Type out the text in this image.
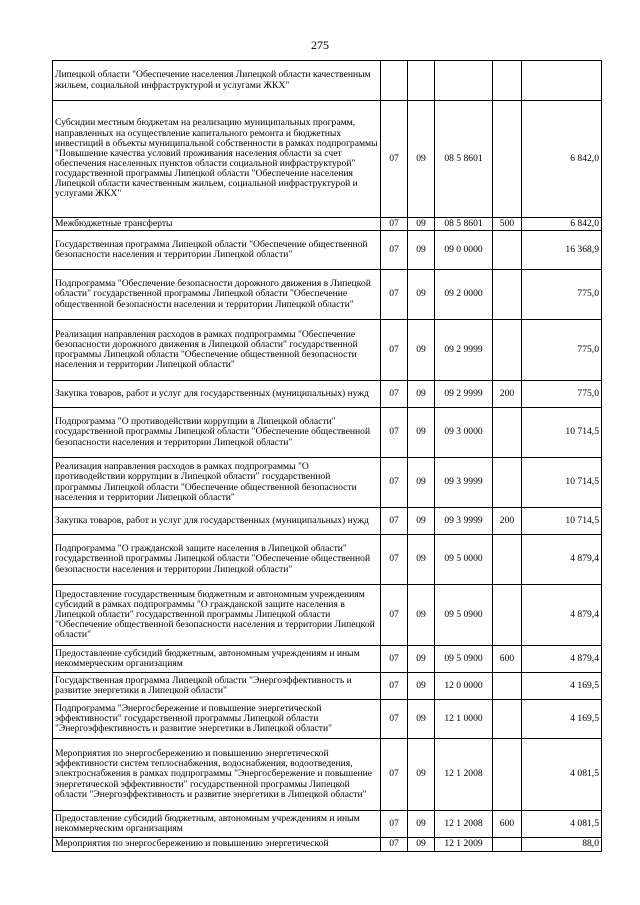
275
Липецкой области "Обеспечение населения Липецкой области качественным жильем, социальной инфраструктурой и услугами ЖКХ"					
Субсидии местным бюджетам на реализацию муниципальных программ, направленных на осуществление капитального ремонта и бюджетных инвестиций в объекты муниципальной собственности в рамках подпрограммы "Повышение качества условий проживания населения области за счет обеспечения населенных пунктов области социальной инфраструктурой" государственной программы Липецкой области "Обеспечение населения Липецкой области качественным жильем, социальной инфраструктурой и услугами ЖКХ"	07	09	08 5 8601		6 842,0
Межбюджетные трансферты	07	09	08 5 8601	500	6 842,0
Государственная программа Липецкой области "Обеспечение общественной безопасности населения и территории Липецкой области"	07	09	09 0 0000		16 368,9
Подпрограмма "Обеспечение безопасности дорожного движения в Липецкой области" государственной программы Липецкой области "Обеспечение общественной безопасности населения и территории Липецкой области"	07	09	09 2 0000		775,0
Реализация направления расходов в рамках подпрограммы "Обеспечение безопасности дорожного движения в Липецкой области" государственной программы Липецкой области "Обеспечение общественной безопасности населения и территории Липецкой области"	07	09	09 2 9999		775,0
Закупка товаров, работ и услуг для государственных (муниципальных) нужд	07	09	09 2 9999	200	775,0
Подпрограмма "О противодействии коррупции в Липецкой области" государственной программы Липецкой области "Обеспечение общественной безопасности населения и территории Липецкой области"	07	09	09 3 0000		10 714,5
Реализация направления расходов в рамках подпрограммы "О противодействии коррупции в Липецкой области" государственной программы Липецкой области "Обеспечение общественной безопасности населения и территории Липецкой области"	07	09	09 3 9999		10 714,5
Закупка товаров, работ и услуг для государственных (муниципальных) нужд	07	09	09 3 9999	200	10 714,5
Подпрограмма "О гражданской защите населения в Липецкой области" государственной программы Липецкой области "Обеспечение общественной безопасности населения и территории Липецкой области"	07	09	09 5 0000		4 879,4
Предоставление государственным бюджетным и автономным учреждениям субсидий в рамках подпрограммы "О гражданской защите населения в Липецкой области" государственной программы Липецкой области "Обеспечение общественной безопасности населения и территории Липецкой области"	07	09	09 5 0900		4 879,4
Предоставление субсидий бюджетным, автономным учреждениям и иным некоммерческим организациям	07	09	09 5 0900	600	4 879,4
Государственная программа Липецкой области "Энергоэффективность и развитие энергетики в Липецкой области"	07	09	12 0 0000		4 169,5
Подпрограмма "Энергосбережение и повышение энергетической эффективности" государственной программы Липецкой области "Энергоэффективность и развитие энергетики в Липецкой области"	07	09	12 1 0000		4 169,5
Мероприятия по энергосбережению и повышению энергетической эффективности систем теплоснабжения, водоснабжения, водоотведения, электроснабжения в рамках подпрограммы "Энергосбережение и повышение энергетической эффективности" государственной программы Липецкой области "Энергоэффективность и развитие энергетики в Липецкой области"	07	09	12 1 2008		4 081,5
Предоставление субсидий бюджетным, автономным учреждениям и иным некоммерческим организациям	07	09	12 1 2008	600	4 081,5
Мероприятия по энергосбережению и повышению энергетической	07	09	12 1 2009		88,0
